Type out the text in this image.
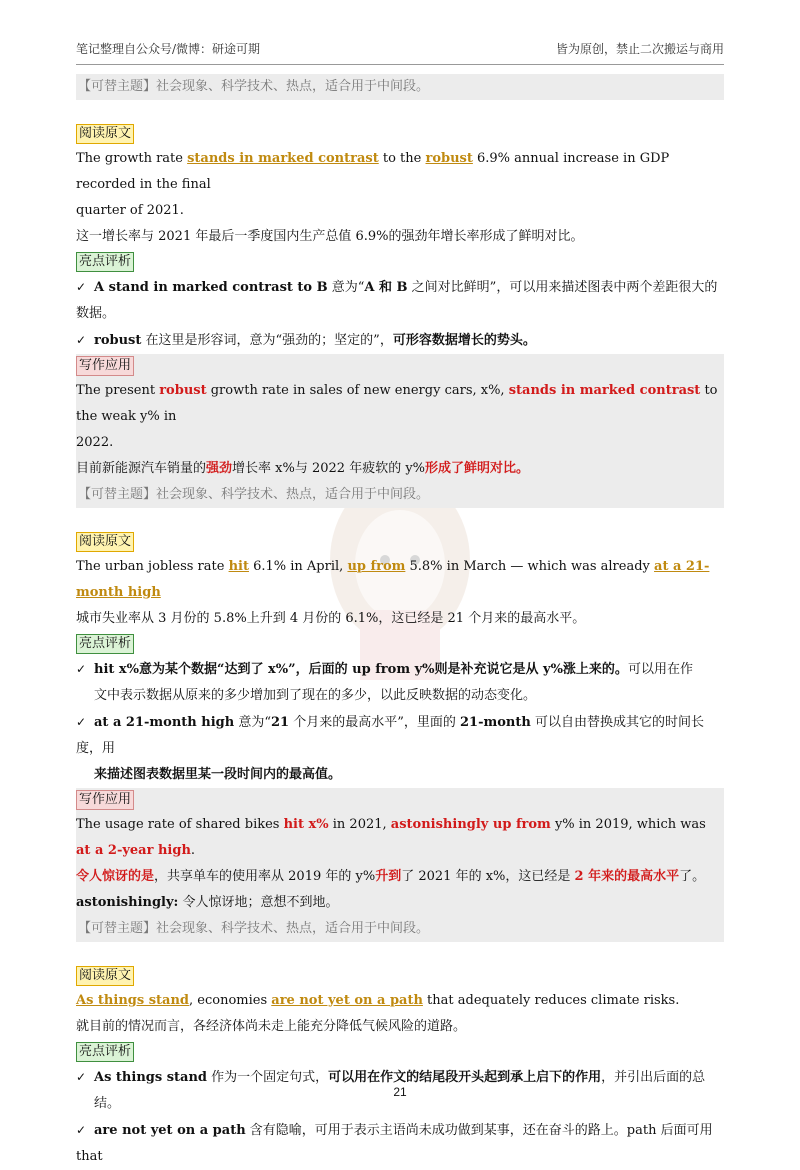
笔记整理自公众号/微博：研途可期	皆为原创，禁止二次搬运与商用
【可替主题】社会现象、科学技术、热点，适合用于中间段。
阅读原文

The growth rate stands in marked contrast to the robust 6.9% annual increase in GDP recorded in the final
quarter of 2021.

这一增长率与 2021 年最后一季度国内生产总值 6.9%的强劲年增长率形成了鲜明对比。

亮点评析

✓ A stand in marked contrast to B 意为“A 和 B 之间对比鲜明”，可以用来描述图表中两个差距很大的数据。

✓ robust 在这里是形容词，意为“强劲的；坚定的”，可形容数据增长的势头。

写作应用

The present robust growth rate in sales of new energy cars, x%, stands in marked contrast to the weak y% in
2022.

目前新能源汽车销量的强劲增长率 x%与 2022 年疲软的 y%形成了鲜明对比。

【可替主题】社会现象、科学技术、热点，适合用于中间段。
阅读原文

The urban jobless rate hit 6.1% in April, up from 5.8% in March — which was already at a 21-month high

城市失业率从 3 月份的 5.8%上升到 4 月份的 6.1%，这已经是 21 个月来的最高水平。

亮点评析

✓ hit x%意为某个数据“达到了 x%”，后面的 up from y%则是补充说它是从 y%涨上来的。可以用在作

文中表示数据从原来的多少增加到了现在的多少，以此反映数据的动态变化。

✓ at a 21-month high 意为“21 个月来的最高水平”，里面的 21-month 可以自由替换成其它的时间长度，用

来描述图表数据里某一段时间内的最高值。

写作应用

The usage rate of shared bikes hit x% in 2021, astonishingly up from y% in 2019, which was at a 2-year high.

令人惊讶的是，共享单车的使用率从 2019 年的 y%升到了 2021 年的 x%，这已经是 2 年来的最高水平了。

astonishingly: 令人惊讶地；意想不到地。

【可替主题】社会现象、科学技术、热点，适合用于中间段。
阅读原文

As things stand, economies are not yet on a path that adequately reduces climate risks.

就目前的情况而言，各经济体尚未走上能充分降低气候风险的道路。

亮点评析

✓ As things stand 作为一个固定句式，可以用在作文的结尾段开头起到承上启下的作用，并引出后面的总

结。

✓ are not yet on a path 含有隐喻，可用于表示主语尚未成功做到某事，还在奋斗的路上。path 后面可用 that

21
